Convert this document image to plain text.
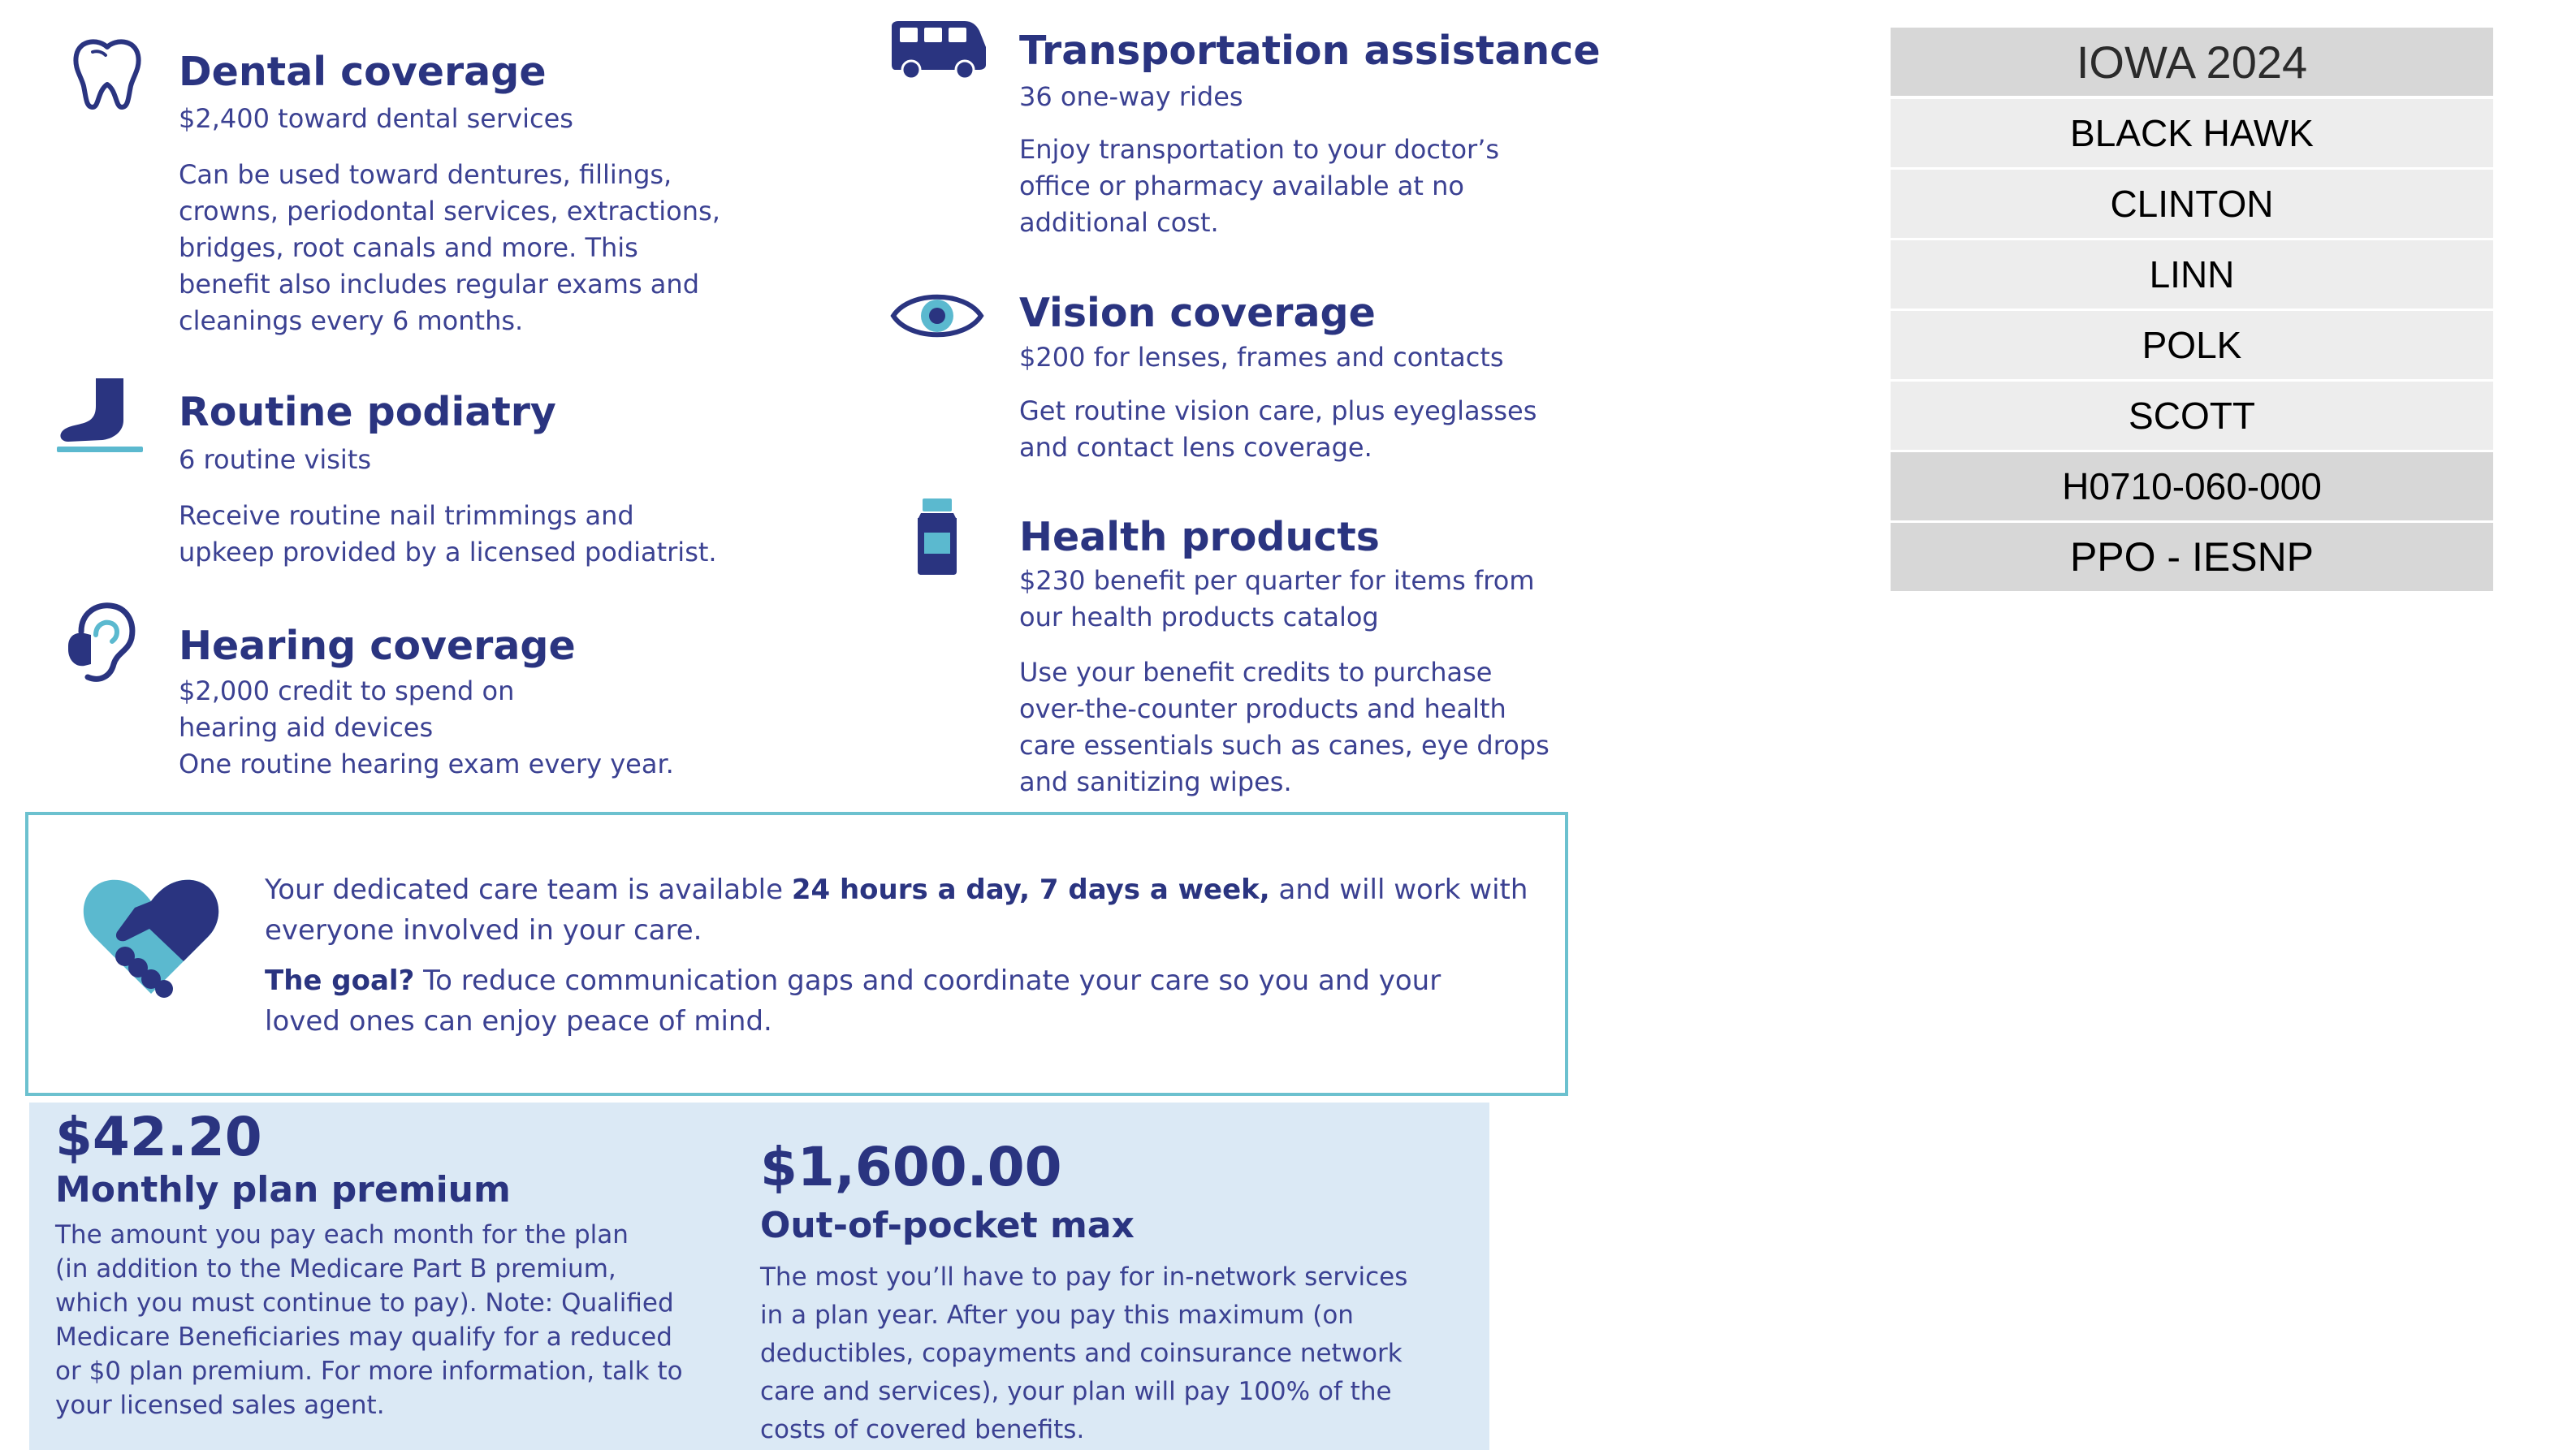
Dental coverage
$2,400 toward dental services
Can be used toward dentures, fillings,
crowns, periodontal services, extractions,
bridges, root canals and more. This
benefit also includes regular exams and
cleanings every 6 months.
Routine podiatry
6 routine visits
Receive routine nail trimmings and
upkeep provided by a licensed podiatrist.
Hearing coverage
$2,000 credit to spend on
hearing aid devices
One routine hearing exam every year.
Transportation assistance
36 one-way rides
Enjoy transportation to your doctor’s
office or pharmacy available at no
additional cost.
Vision coverage
$200 for lenses, frames and contacts
Get routine vision care, plus eyeglasses
and contact lens coverage.
Health products
$230 benefit per quarter for items from
our health products catalog
Use your benefit credits to purchase
over-the-counter products and health
care essentials such as canes, eye drops
and sanitizing wipes.
Your dedicated care team is available 24 hours a day, 7 days a week, and will work with
everyone involved in your care.
The goal? To reduce communication gaps and coordinate your care so you and your
loved ones can enjoy peace of mind.
$42.20
Monthly plan premium
The amount you pay each month for the plan
(in addition to the Medicare Part B premium,
which you must continue to pay). Note: Qualified
Medicare Beneficiaries may qualify for a reduced
or $0 plan premium. For more information, talk to
your licensed sales agent.
$1,600.00
Out-of-pocket max
The most you’ll have to pay for in-network services
in a plan year. After you pay this maximum (on
deductibles, copayments and coinsurance network
care and services), your plan will pay 100% of the
costs of covered benefits.
IOWA 2024
BLACK HAWK
CLINTON
LINN
POLK
SCOTT
H0710-060-000
PPO - IESNP
